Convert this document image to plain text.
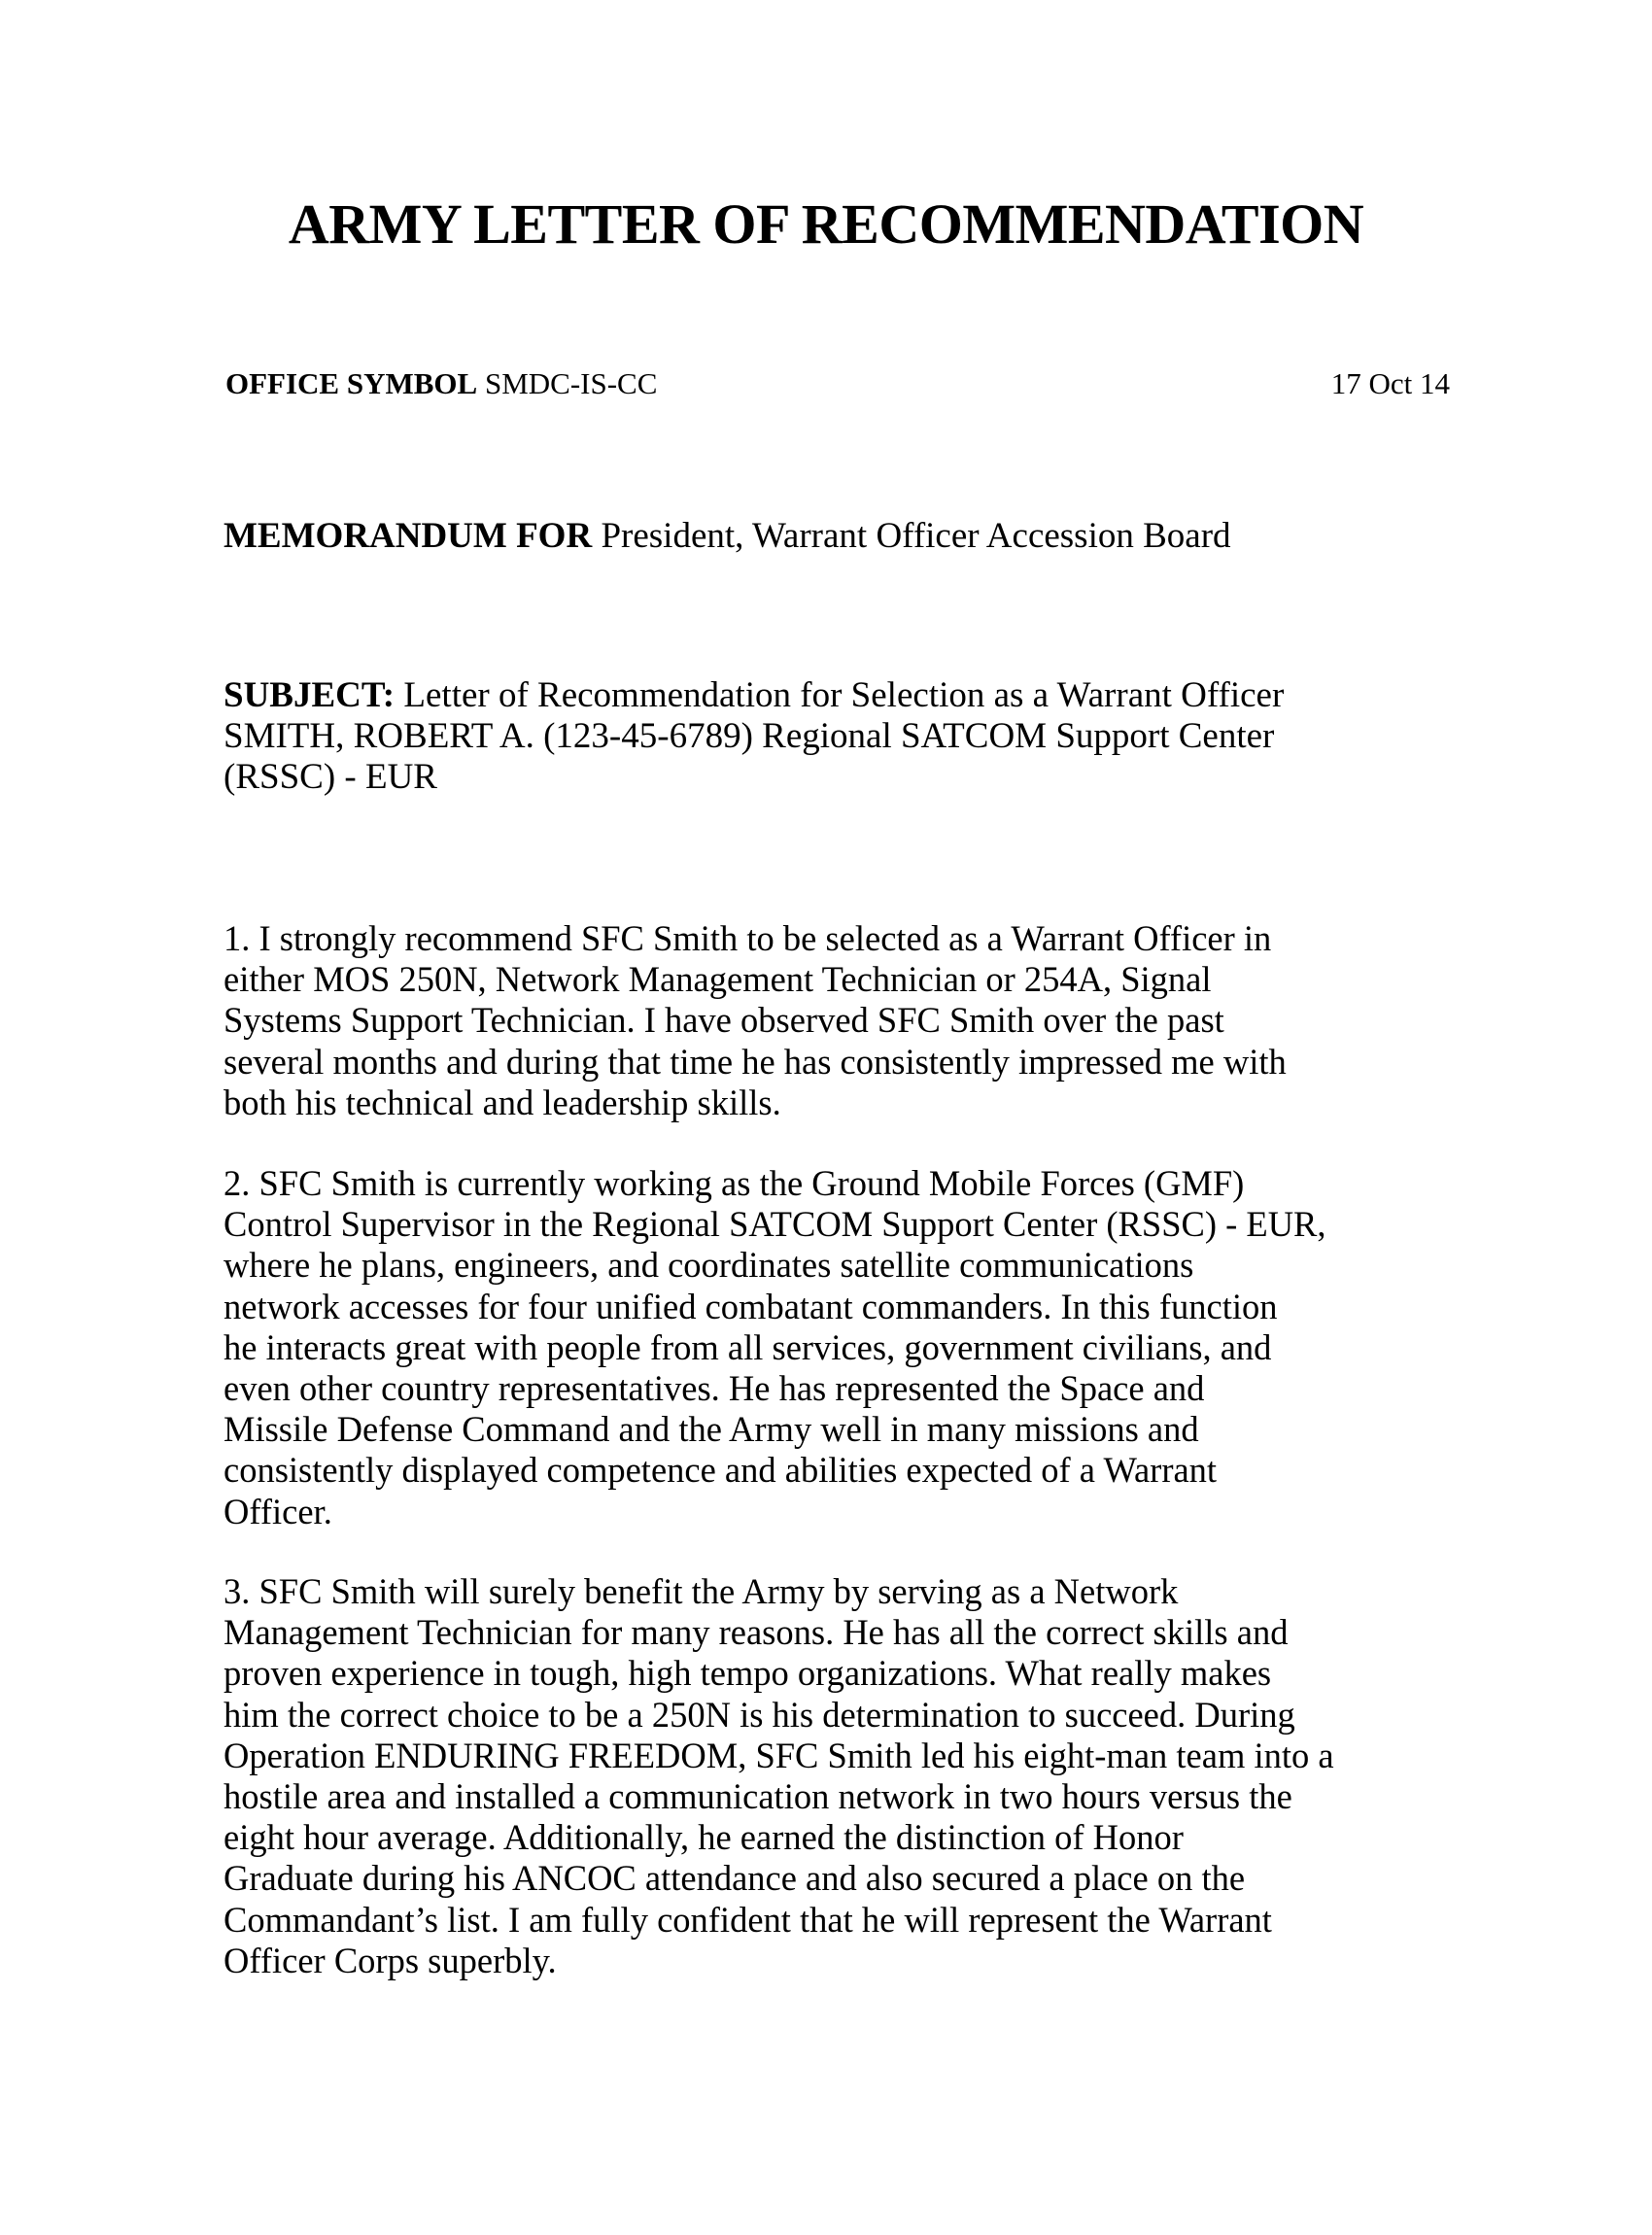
ARMY LETTER OF RECOMMENDATION
OFFICE SYMBOL SMDC-IS-CC	17 Oct 14
MEMORANDUM FOR President, Warrant Officer Accession Board
SUBJECT: Letter of Recommendation for Selection as a Warrant Officer
SMITH, ROBERT A. (123-45-6789) Regional SATCOM Support Center
(RSSC) - EUR
1. I strongly recommend SFC Smith to be selected as a Warrant Officer in
either MOS 250N, Network Management Technician or 254A, Signal
Systems Support Technician. I have observed SFC Smith over the past
several months and during that time he has consistently impressed me with
both his technical and leadership skills.
2. SFC Smith is currently working as the Ground Mobile Forces (GMF)
Control Supervisor in the Regional SATCOM Support Center (RSSC) - EUR,
where he plans, engineers, and coordinates satellite communications
network accesses for four unified combatant commanders. In this function
he interacts great with people from all services, government civilians, and
even other country representatives. He has represented the Space and
Missile Defense Command and the Army well in many missions and
consistently displayed competence and abilities expected of a Warrant
Officer.
3. SFC Smith will surely benefit the Army by serving as a Network
Management Technician for many reasons. He has all the correct skills and
proven experience in tough, high tempo organizations. What really makes
him the correct choice to be a 250N is his determination to succeed. During
Operation ENDURING FREEDOM, SFC Smith led his eight-man team into a
hostile area and installed a communication network in two hours versus the
eight hour average. Additionally, he earned the distinction of Honor
Graduate during his ANCOC attendance and also secured a place on the
Commandant’s list. I am fully confident that he will represent the Warrant
Officer Corps superbly.
